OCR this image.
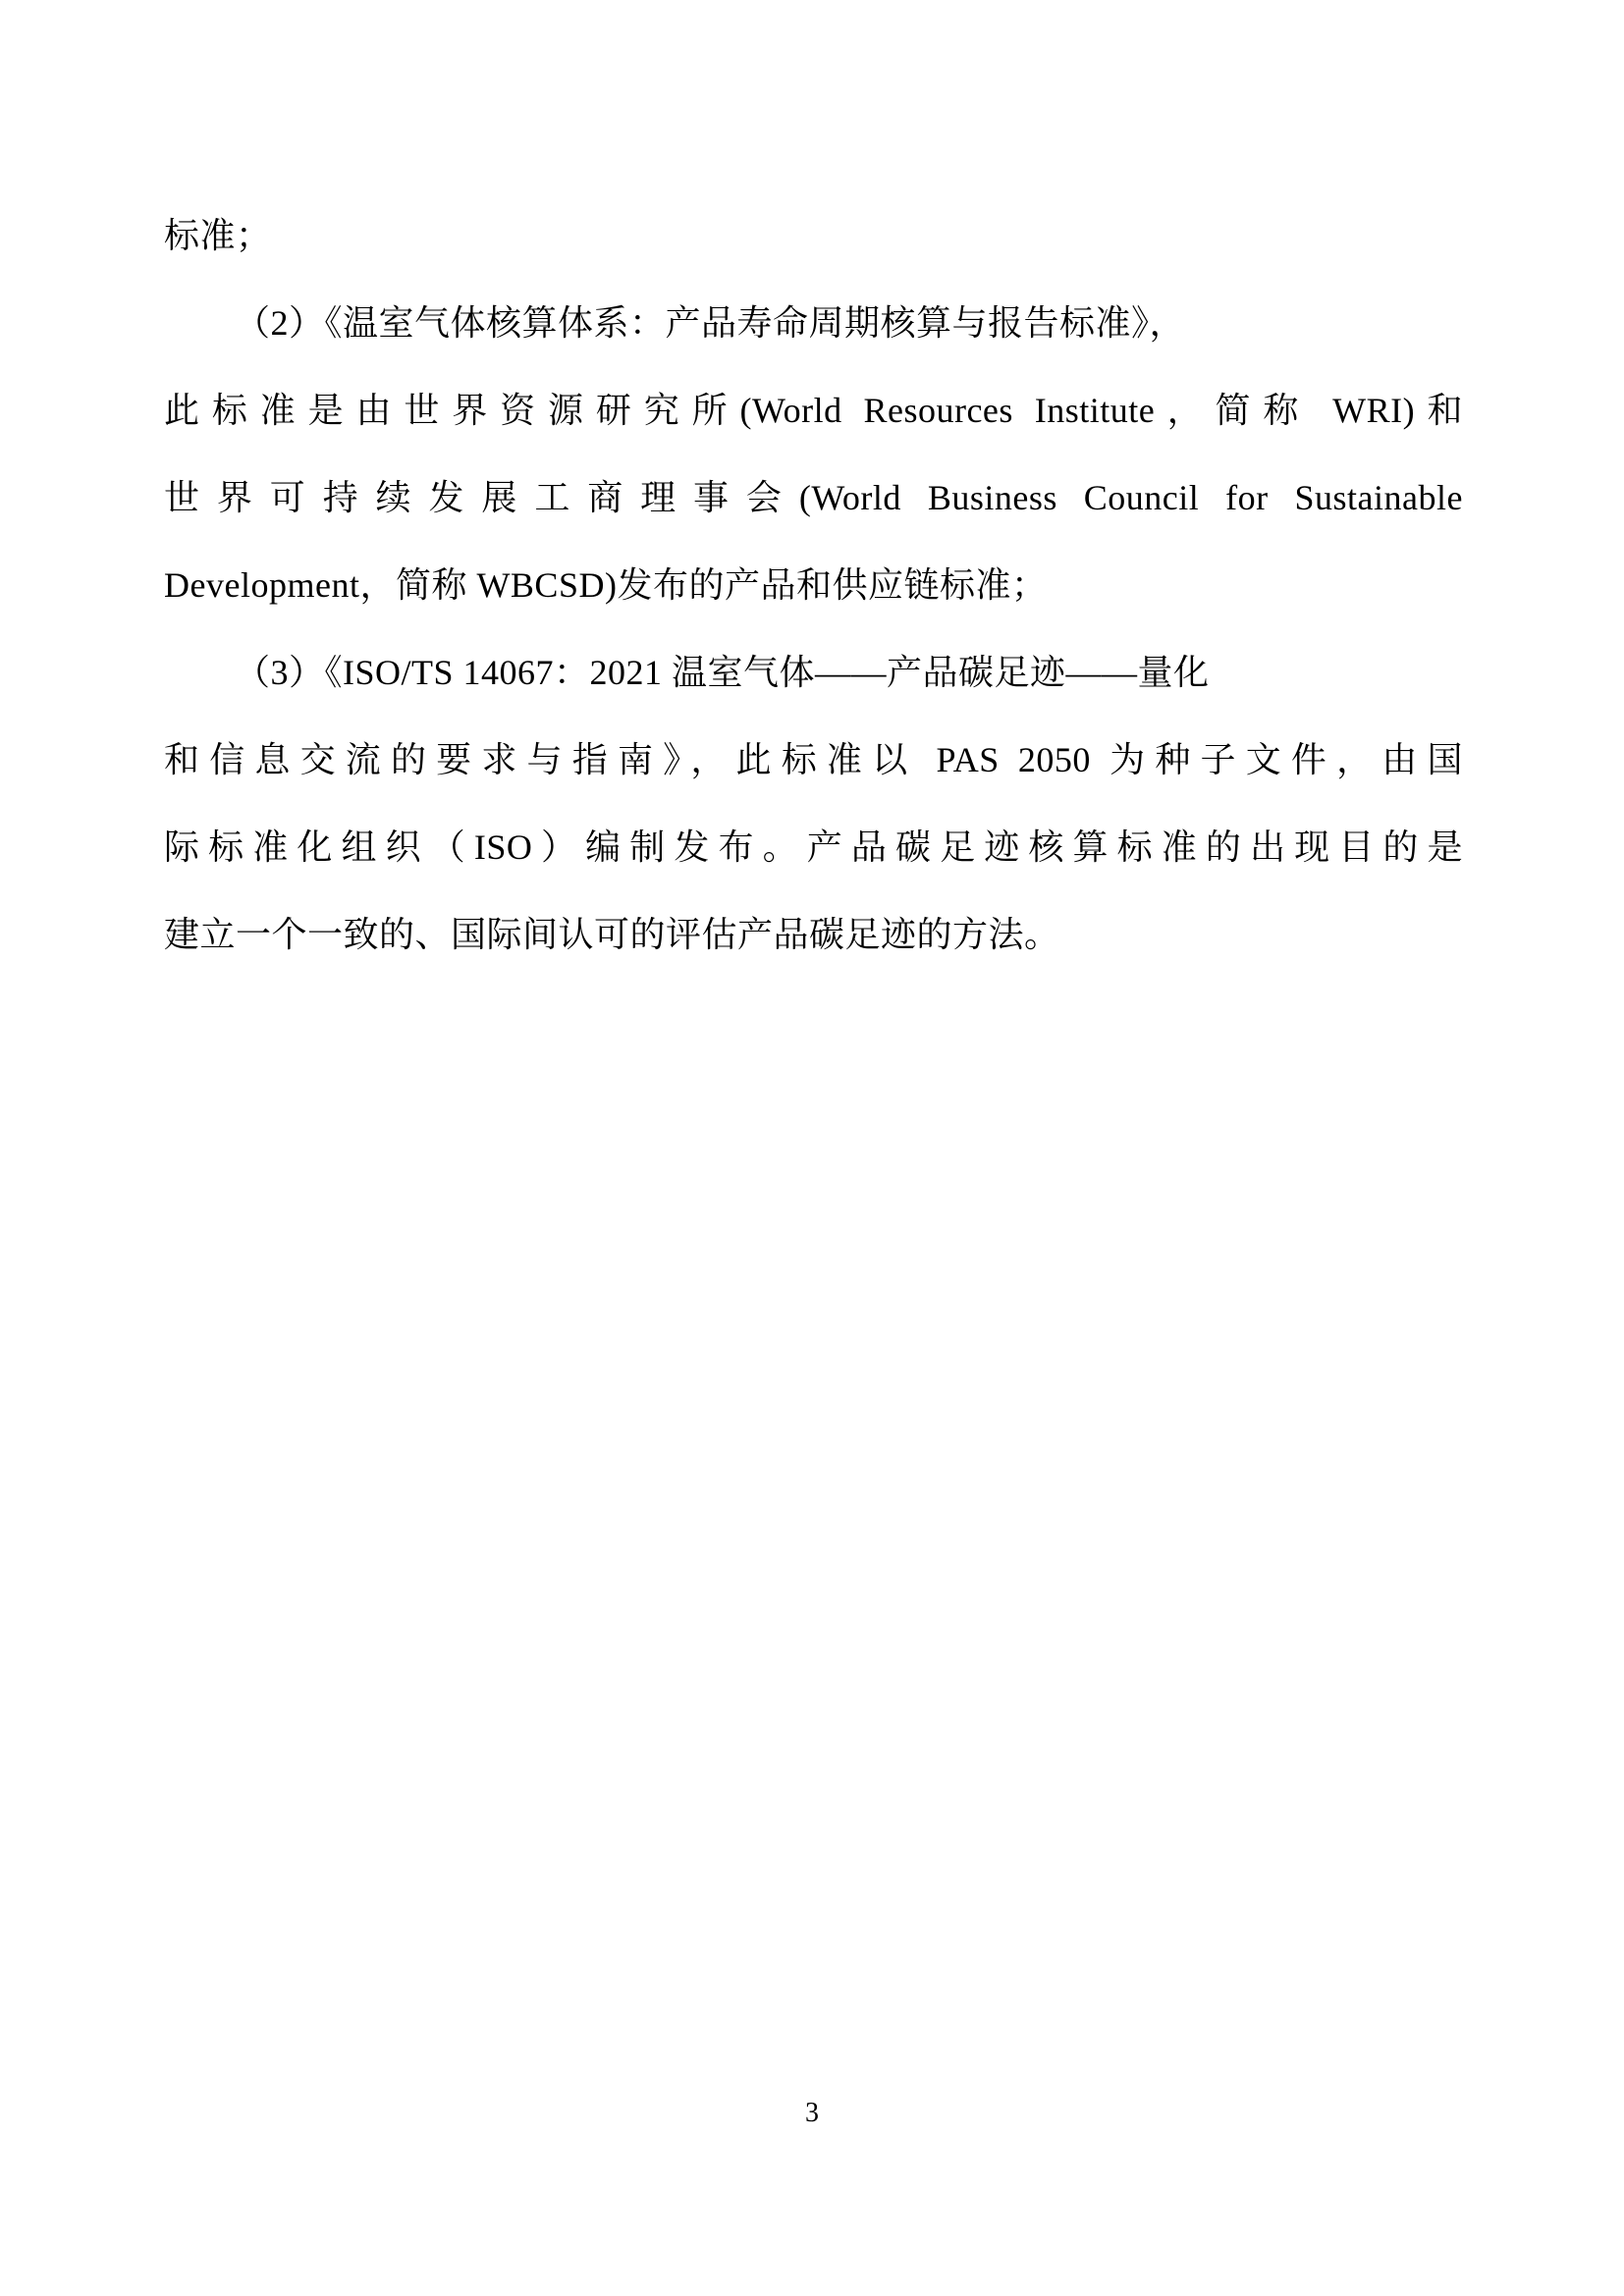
标准；
（2）《温室气体核算体系：产品寿命周期核算与报告标准》，
此标准是由世界资源研究所(World Resources Institute，简称 WRI)和
世界可持续发展工商理事会(World Business Council for Sustainable
Development，简称 WBCSD)发布的产品和供应链标准；
（3）《ISO/TS 14067：2021 温室气体——产品碳足迹——量化
和信息交流的要求与指南》，此标准以 PAS 2050 为种子文件，由国
际标准化组织（ISO）编制发布。产品碳足迹核算标准的出现目的是
建立一个一致的、国际间认可的评估产品碳足迹的方法。
3
